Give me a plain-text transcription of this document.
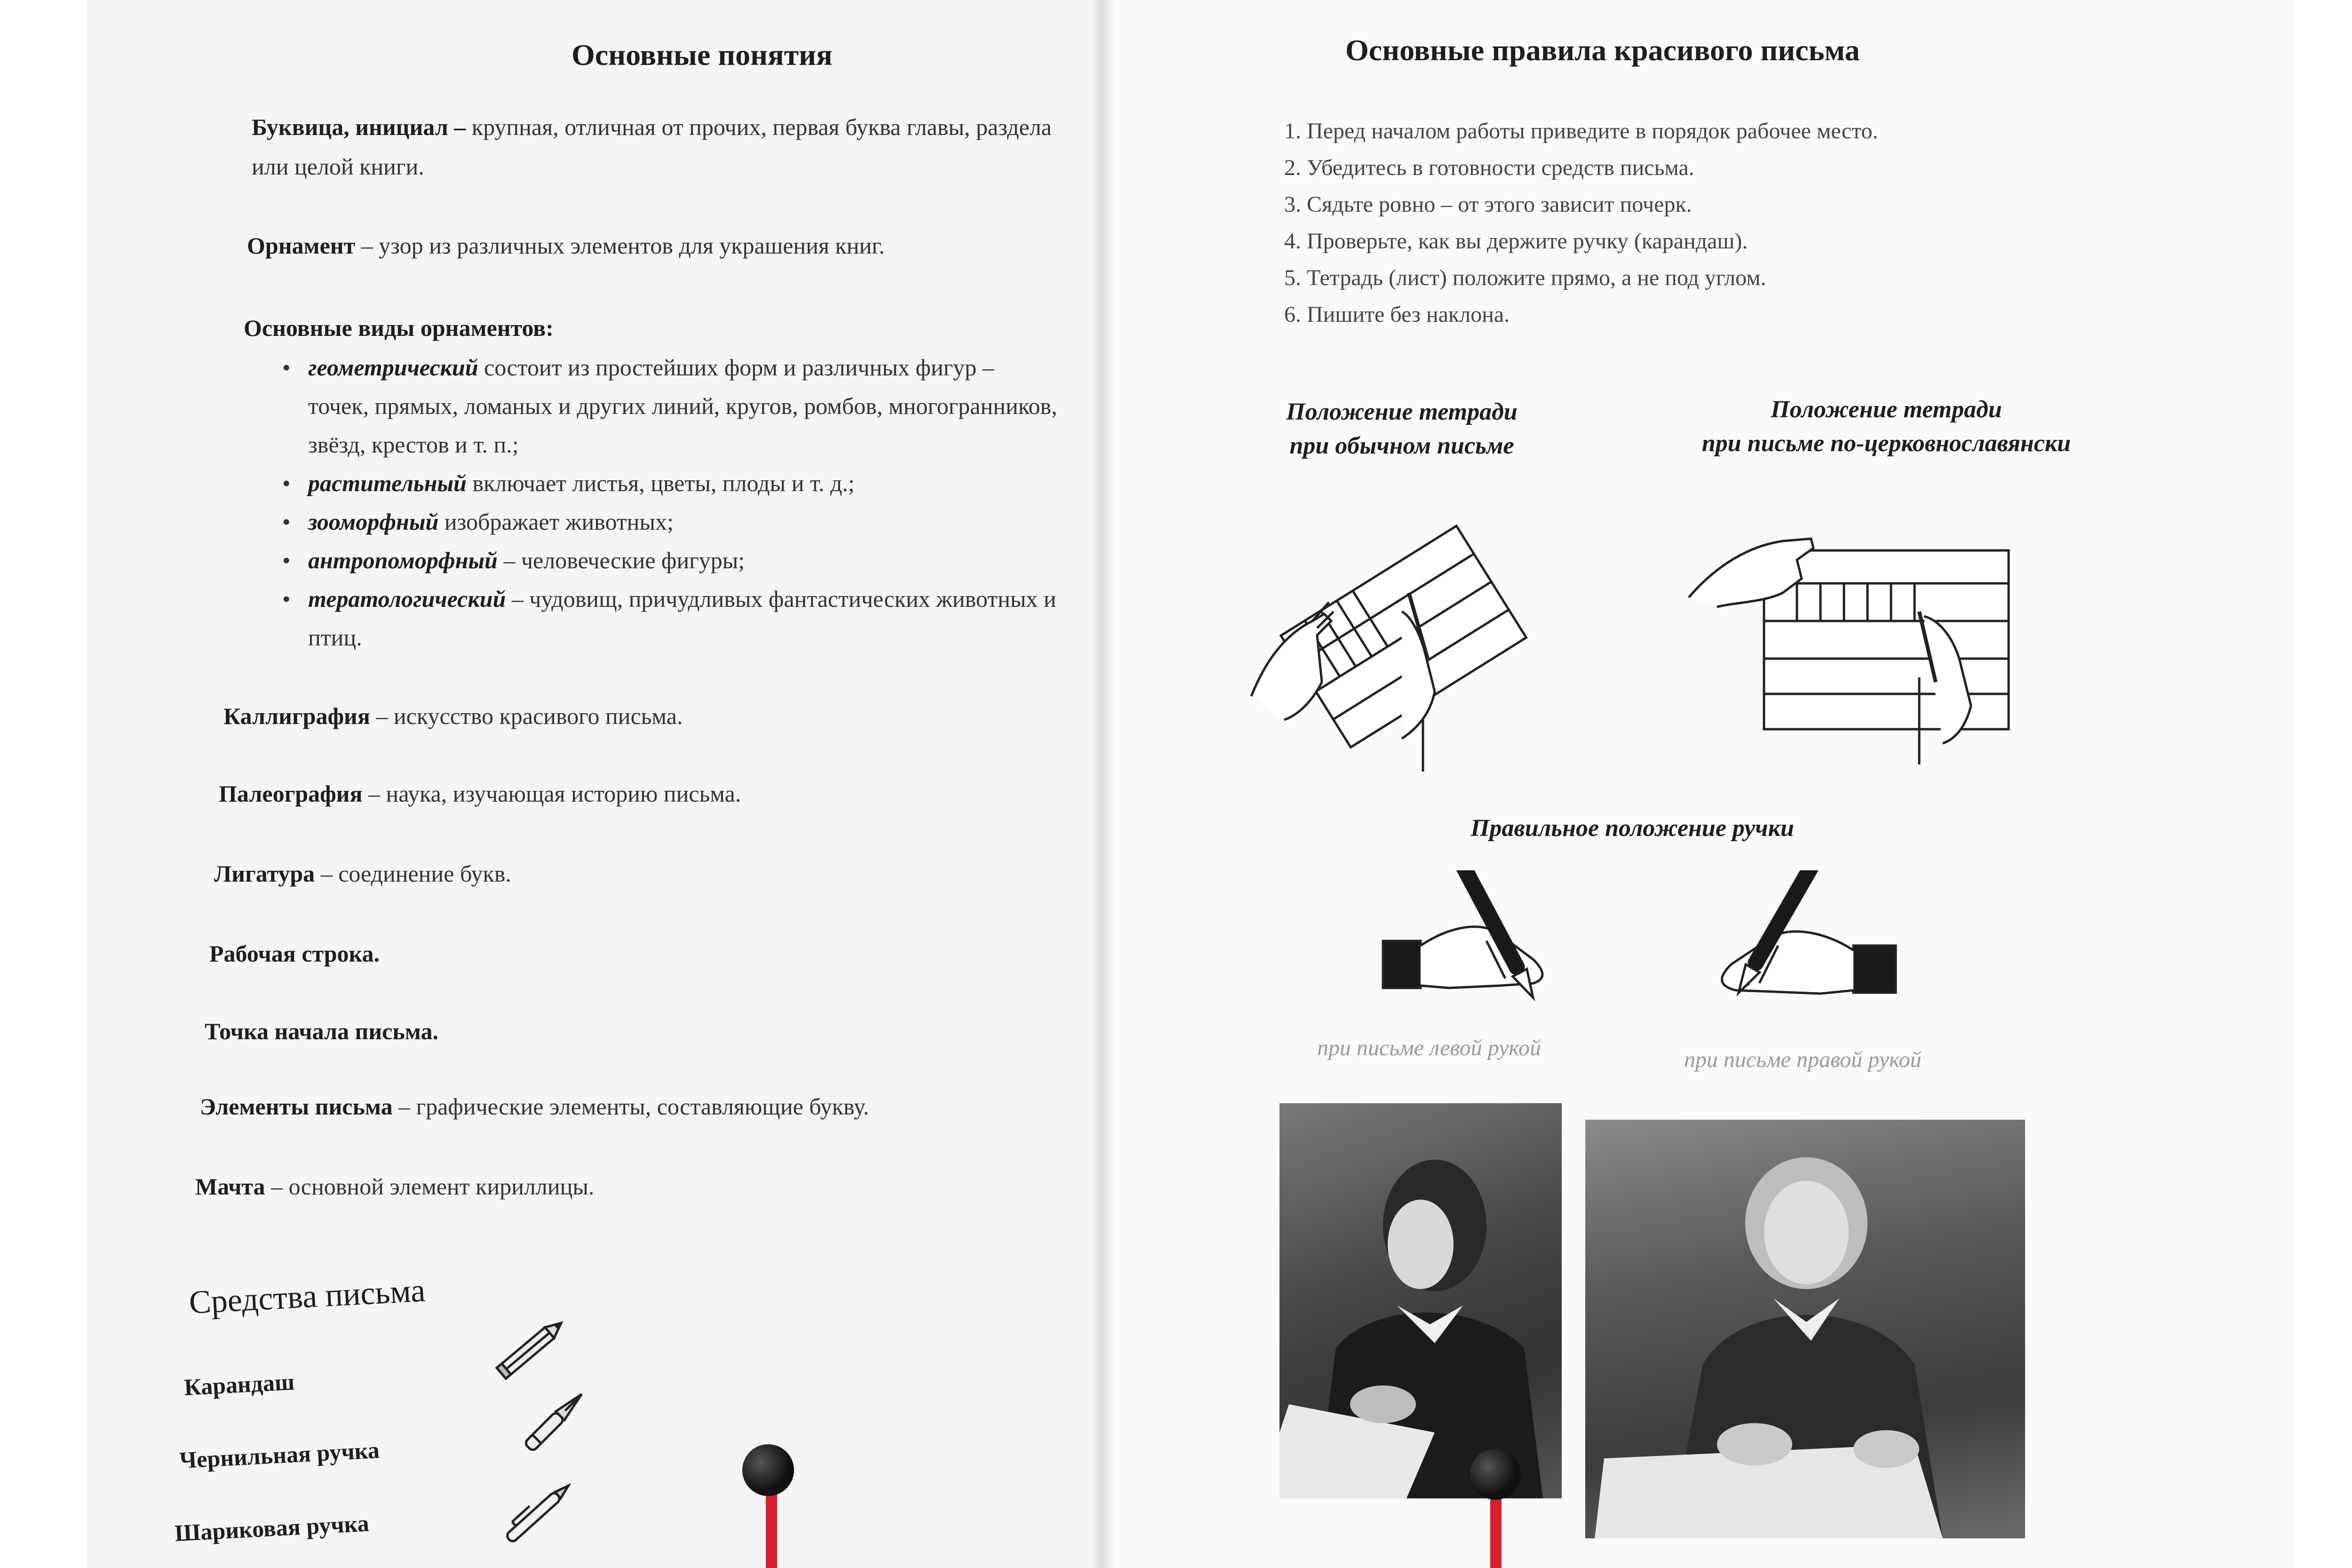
Основные понятия
Буквица, инициал – крупная, отличная от прочих, первая буква главы, раздела или целой книги.
Орнамент – узор из различных элементов для украшения книг.
Основные виды орнаментов:
• геометрический состоит из простейших форм и различных фигур – точек, прямых, ломаных и других линий, кругов, ромбов, многогранников, звёзд, крестов и т. п.;
• растительный включает листья, цветы, плоды и т. д.;
• зооморфный изображает животных;
• антропоморфный – человеческие фигуры;
• тератологический – чудовищ, причудливых фантастических животных и птиц.
Каллиграфия – искусство красивого письма.
Палеография – наука, изучающая историю письма.
Лигатура – соединение букв.
Рабочая строка.
Точка начала письма.
Элементы письма – графические элементы, составляющие букву.
Мачта – основной элемент кириллицы.
Средства письма
Карандаш
Чернильная ручка
Шариковая ручка
Основные правила красивого письма
1. Перед началом работы приведите в порядок рабочее место.
2. Убедитесь в готовности средств письма.
3. Сядьте ровно – от этого зависит почерк.
4. Проверьте, как вы держите ручку (карандаш).
5. Тетрадь (лист) положите прямо, а не под углом.
6. Пишите без наклона.
Положение тетради
при обычном письме
Положение тетради
при письме по-церковнославянски
Правильное положение ручки
при письме левой рукой	при письме правой рукой
